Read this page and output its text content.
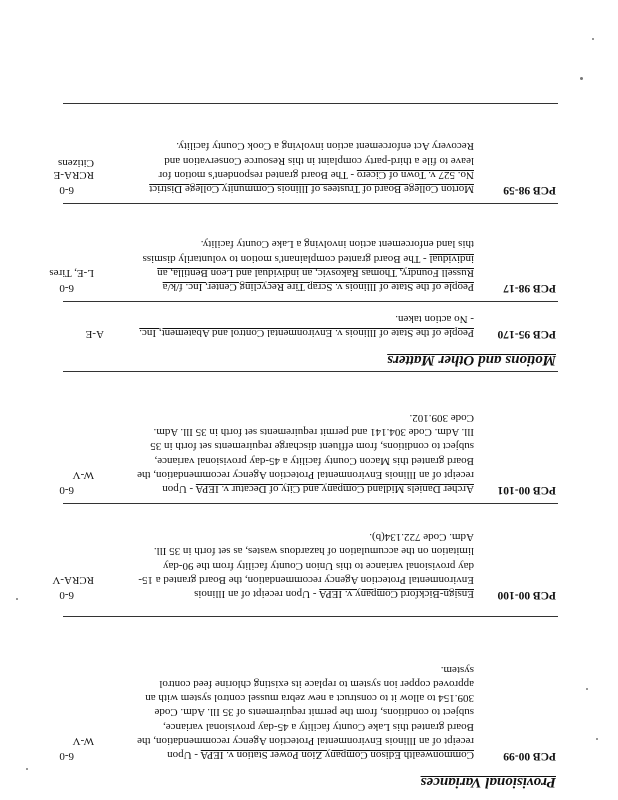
Provisional Variances
PCB 00-99
Commonwealth Edison Company Zion Power Station v. IEPA - Upon receipt of an Illinois Environmental Protection Agency recommendation, the Board granted this Lake County facility a 45-day provisional variance, subject to conditions, from the permit requirements of 35 Ill. Adm. Code 309.154 to allow it to construct a new zebra mussel control system with an approved copper ion system to replace its existing chlorine feed control system.
6-0
W-V
PCB 00-100
Ensign-Bickford Company v. IEPA - Upon receipt of an Illinois Environmental Protection Agency recommendation, the Board granted a 15-day provisional variance to this Union County facility from the 90-day limitation on the accumulation of hazardous wastes, as set forth in 35 Ill. Adm. Code 722.134(b).
6-0
RCRA-V
PCB 00-101
Archer Daniels Midland Company and City of Decatur v. IEPA - Upon receipt of an Illinois Environmental Protection Agency recommendation, the Board granted this Macon County facility a 45-day provisional variance, subject to conditions, from effluent discharge requirements set forth in 35 Ill. Adm. Code 304.141 and permit requirements set forth in 35 Ill. Adm. Code 309.102.
6-0
W-V
Motions and Other Matters
PCB 95-170
People of the State of Illinois v. Environmental Control and Abatement, Inc. - No action taken.
A-E
PCB 98-17
People of the State of Illinois v. Scrap Tire Recycling Center, Inc. f/k/a Russell Foundry, Thomas Rakosvic, an individual and Leon Bentilla, an individual - The Board granted complainant's motion to voluntarily dismiss this land enforcement action involving a Lake County facility.
6-0
L-E, Tires
PCB 98-59
Morton College Board of Trustees of Illinois Community College District No. 527 v. Town of Cicero - The Board granted respondent's motion for leave to file a third-party complaint in this Resource Conservation and Recovery Act enforcement action involving a Cook County facility.
6-0
RCRA-E Citizens
